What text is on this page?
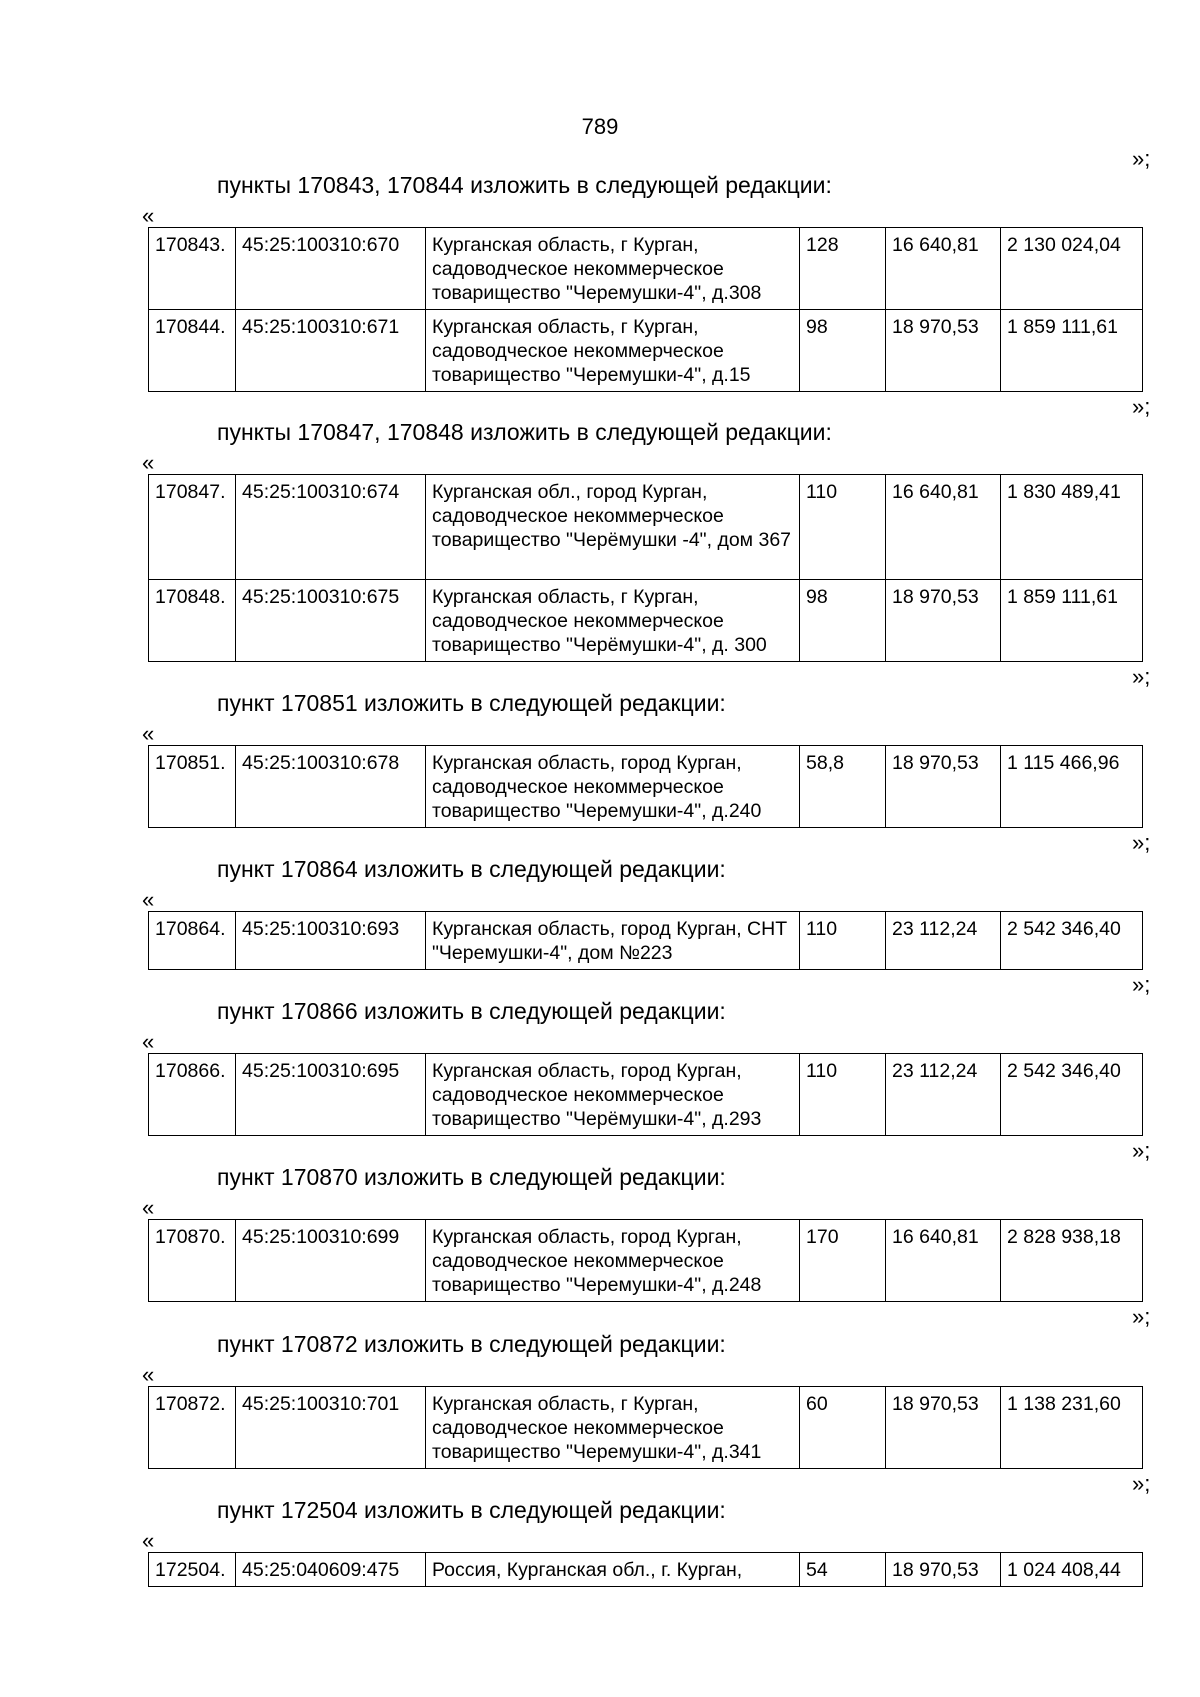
789
»;
пункты 170843, 170844 изложить в следующей редакции:
«
170843.	45:25:100310:670	Курганская область, г Курган, садоводческое некоммерческое товарищество "Черемушки-4", д.308	128	16 640,81	2 130 024,04
170844.	45:25:100310:671	Курганская область, г Курган, садоводческое некоммерческое товарищество "Черемушки-4", д.15	98	18 970,53	1 859 111,61
»;
пункты 170847, 170848 изложить в следующей редакции:
«
170847.	45:25:100310:674	Курганская обл., город Курган, садоводческое некоммерческое товарищество "Черёмушки -4", дом 367	110	16 640,81	1 830 489,41
170848.	45:25:100310:675	Курганская область, г Курган, садоводческое некоммерческое товарищество "Черёмушки-4", д. 300	98	18 970,53	1 859 111,61
»;
пункт 170851 изложить в следующей редакции:
«
170851.	45:25:100310:678	Курганская область, город Курган, садоводческое некоммерческое товарищество "Черемушки-4", д.240	58,8	18 970,53	1 115 466,96
»;
пункт 170864 изложить в следующей редакции:
«
170864.	45:25:100310:693	Курганская область, город Курган, СНТ "Черемушки-4", дом №223	110	23 112,24	2 542 346,40
»;
пункт 170866 изложить в следующей редакции:
«
170866.	45:25:100310:695	Курганская область, город Курган, садоводческое некоммерческое товарищество "Черёмушки-4", д.293	110	23 112,24	2 542 346,40
»;
пункт 170870 изложить в следующей редакции:
«
170870.	45:25:100310:699	Курганская область, город Курган, садоводческое некоммерческое товарищество "Черемушки-4", д.248	170	16 640,81	2 828 938,18
»;
пункт 170872 изложить в следующей редакции:
«
170872.	45:25:100310:701	Курганская область, г Курган, садоводческое некоммерческое товарищество "Черемушки-4", д.341	60	18 970,53	1 138 231,60
»;
пункт 172504 изложить в следующей редакции:
«
172504.	45:25:040609:475	Россия, Курганская обл., г. Курган,	54	18 970,53	1 024 408,44
